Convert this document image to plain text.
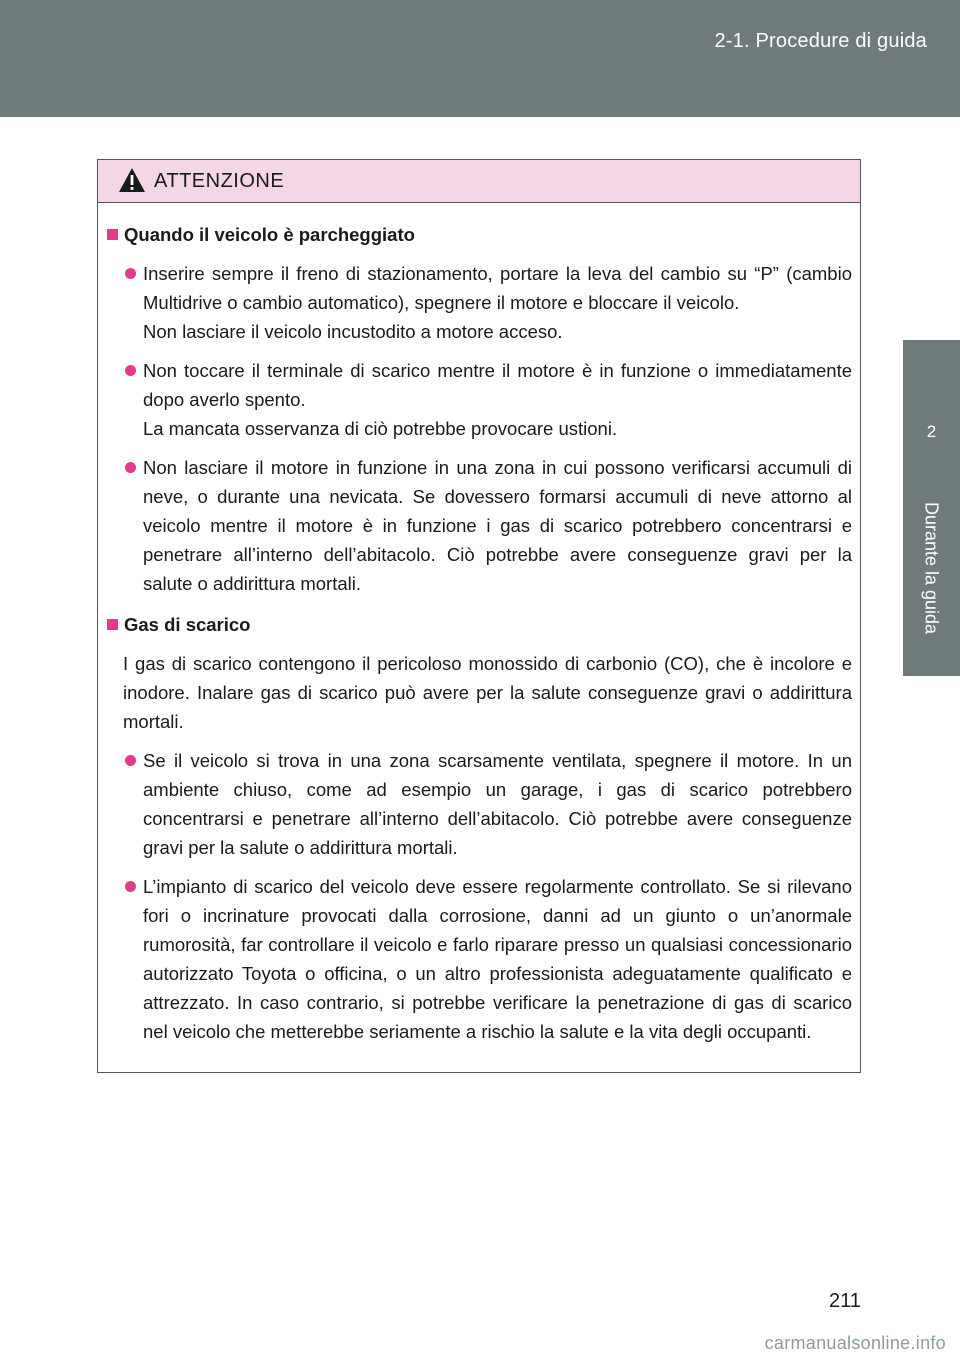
2-1. Procedure di guida
2
Durante la guida
ATTENZIONE
Quando il veicolo è parcheggiato
Inserire sempre il freno di stazionamento, portare la leva del cambio su “P” (cambio Multidrive o cambio automatico), spegnere il motore e bloccare il veicolo.
Non lasciare il veicolo incustodito a motore acceso.
Non toccare il terminale di scarico mentre il motore è in funzione o immediatamente dopo averlo spento.
La mancata osservanza di ciò potrebbe provocare ustioni.
Non lasciare il motore in funzione in una zona in cui possono verificarsi accumuli di neve, o durante una nevicata. Se dovessero formarsi accumuli di neve attorno al veicolo mentre il motore è in funzione i gas di scarico potrebbero concentrarsi e penetrare all’interno dell’abitacolo. Ciò potrebbe avere conseguenze gravi per la salute o addirittura mortali.
Gas di scarico
I gas di scarico contengono il pericoloso monossido di carbonio (CO), che è incolore e inodore. Inalare gas di scarico può avere per la salute conseguenze gravi o addirittura mortali.
Se il veicolo si trova in una zona scarsamente ventilata, spegnere il motore. In un ambiente chiuso, come ad esempio un garage, i gas di scarico potrebbero concentrarsi e penetrare all’interno dell’abitacolo. Ciò potrebbe avere conseguenze gravi per la salute o addirittura mortali.
L’impianto di scarico del veicolo deve essere regolarmente controllato. Se si rilevano fori o incrinature provocati dalla corrosione, danni ad un giunto o un’anormale rumorosità, far controllare il veicolo e farlo riparare presso un qualsiasi concessionario autorizzato Toyota o officina, o un altro professionista adeguatamente qualificato e attrezzato. In caso contrario, si potrebbe verificare la penetrazione di gas di scarico nel veicolo che metterebbe seriamente a rischio la salute e la vita degli occupanti.
211
carmanualsonline.info
